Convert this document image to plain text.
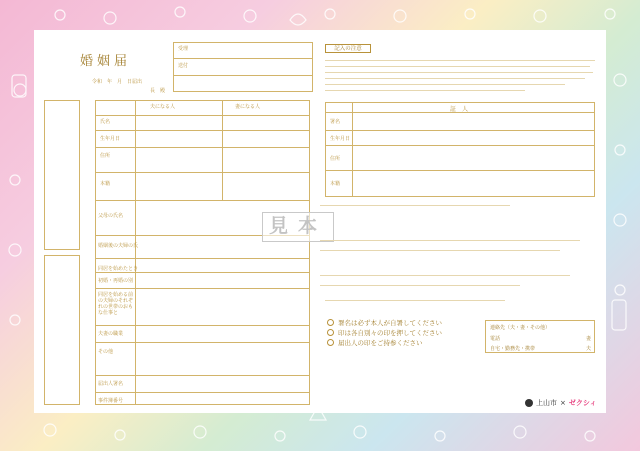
婚姻届
受理
送付
令和　年　月　日届出
長　殿
夫になる人	妻になる人
氏名
生年月日
住所
本籍
父母の氏名
婚姻後の夫婦の氏
同居を始めたとき
初婚・再婚の別
同居を始める前の夫婦のそれぞれの世帯のおもな仕事と
夫妻の職業
その他
届出人署名
事件簿番号
見本
記入の注意
証　人
署名
生年月日
住所
本籍
署名は必ず本人が自署してください
印は各自別々の印を押してください
届出人の印をご持参ください
連絡先（夫・妻・その他）
電話	妻
自宅・勤務先・携帯	夫
上山市 × ゼクシィ
